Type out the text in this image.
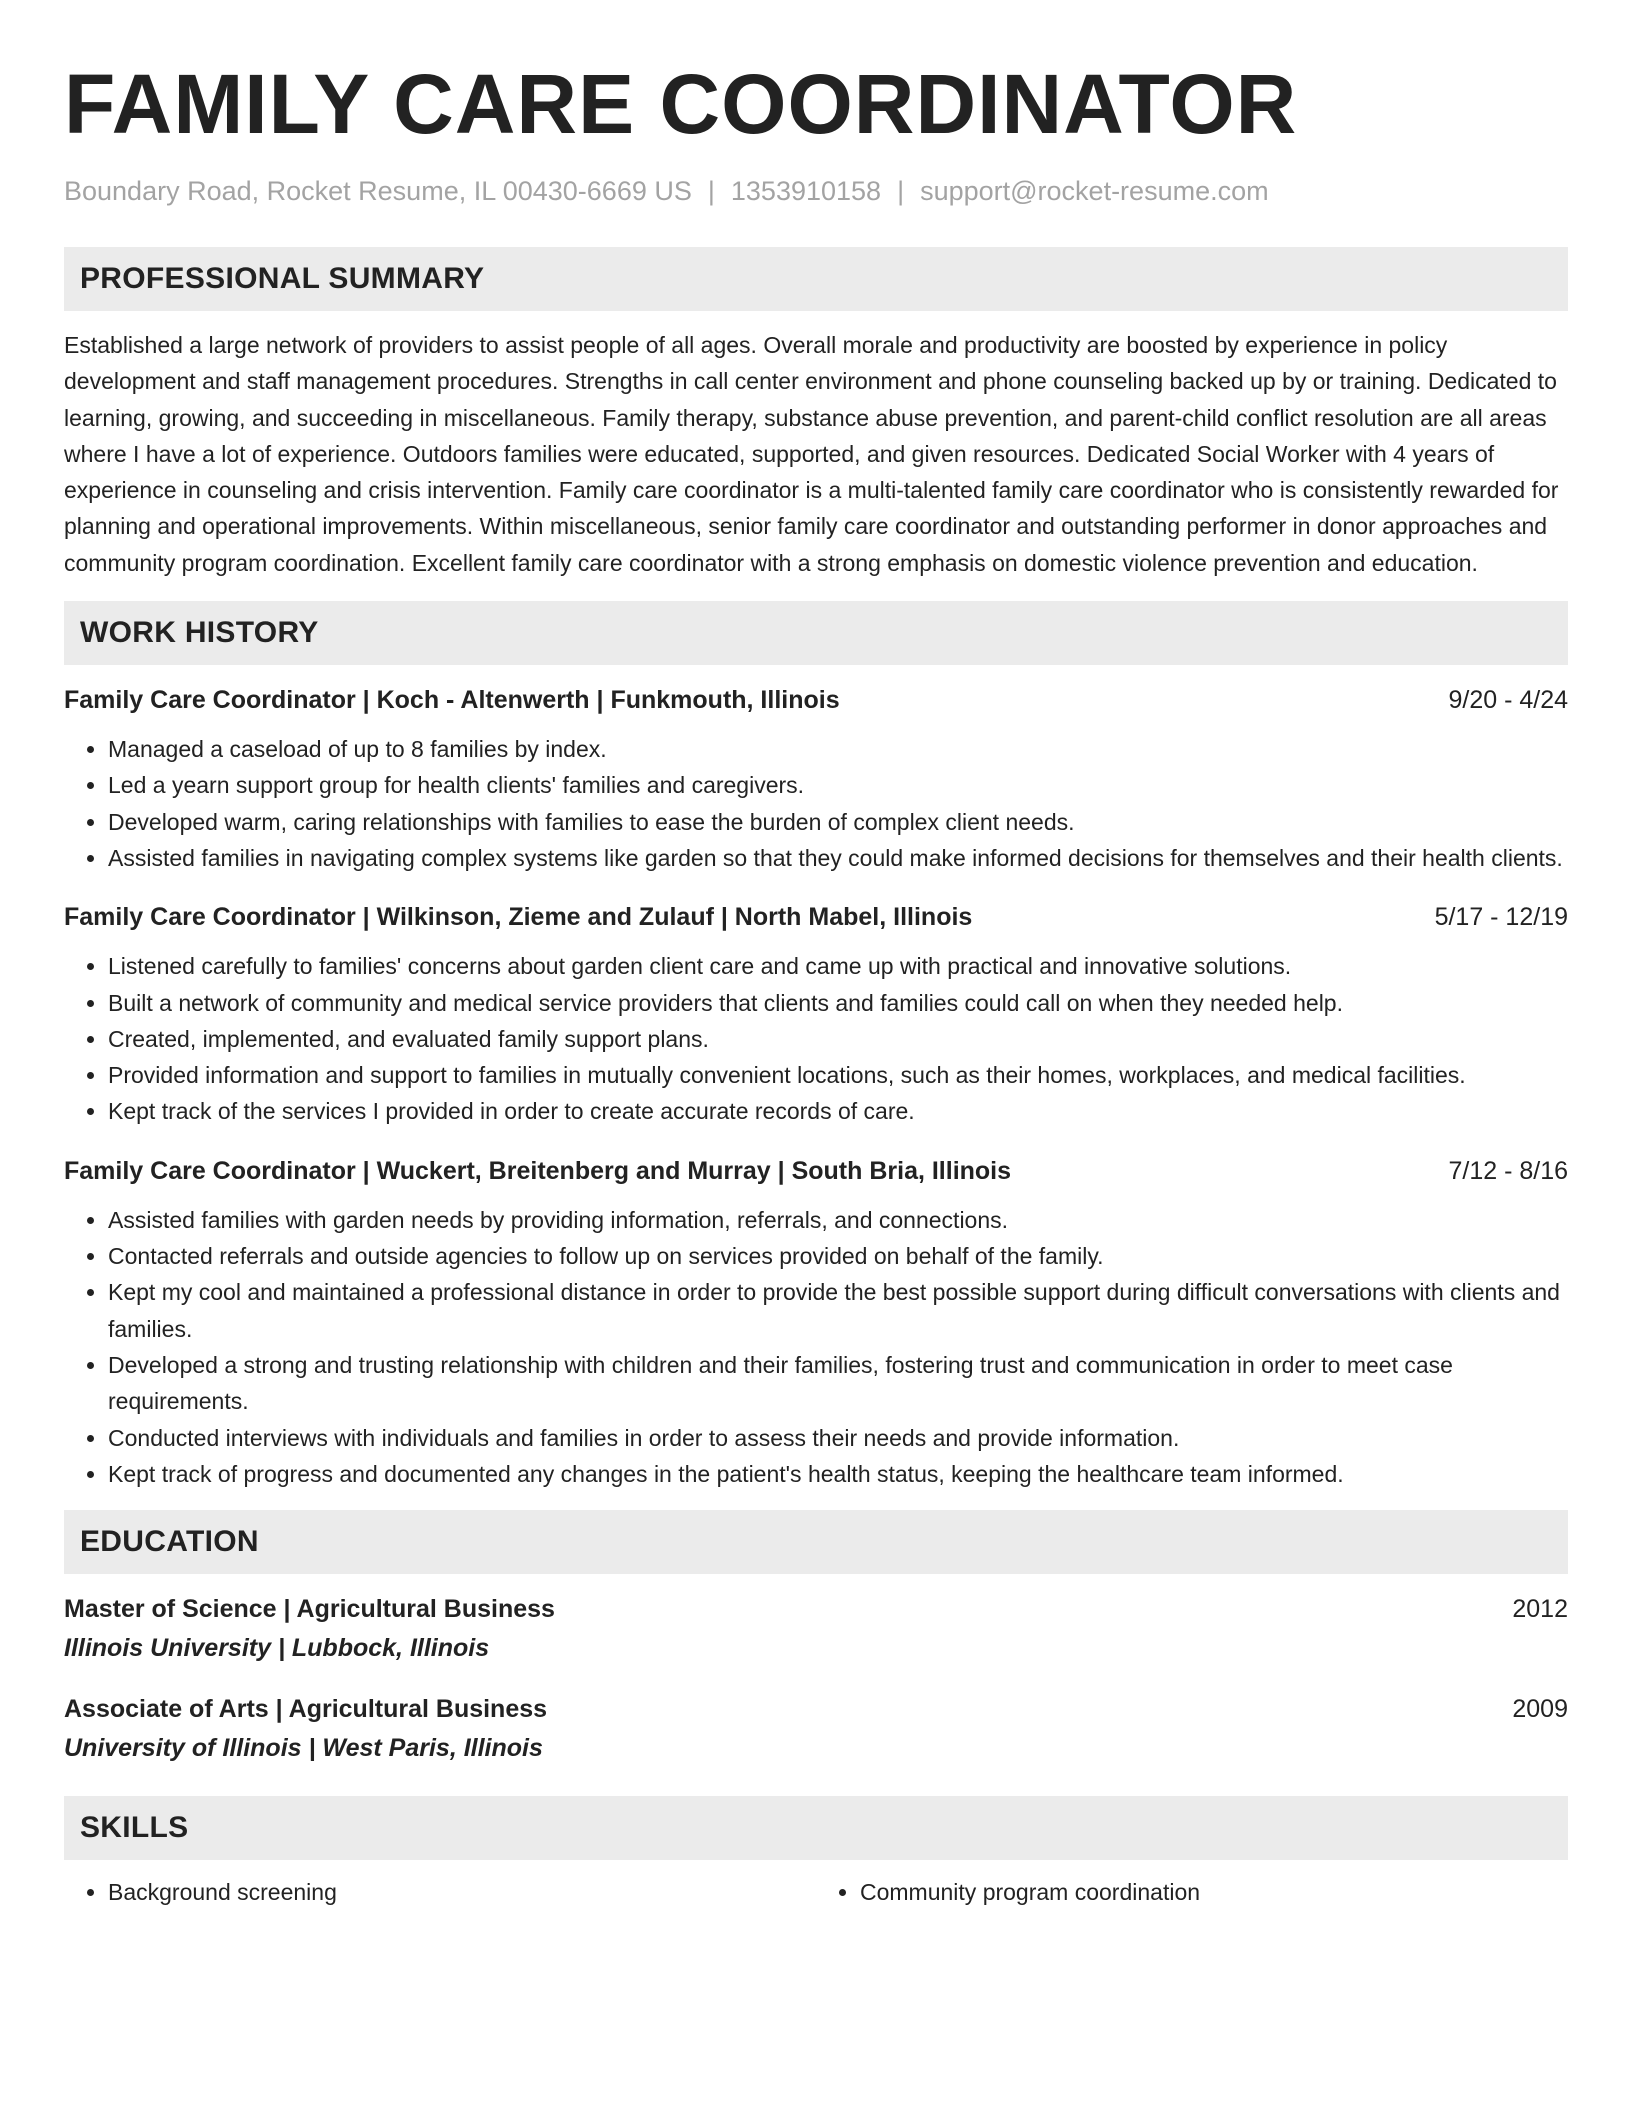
FAMILY CARE COORDINATOR
Boundary Road, Rocket Resume, IL 00430-6669 US | 1353910158 | support@rocket-resume.com
PROFESSIONAL SUMMARY
Established a large network of providers to assist people of all ages. Overall morale and productivity are boosted by experience in policy development and staff management procedures. Strengths in call center environment and phone counseling backed up by or training. Dedicated to learning, growing, and succeeding in miscellaneous. Family therapy, substance abuse prevention, and parent-child conflict resolution are all areas where I have a lot of experience. Outdoors families were educated, supported, and given resources. Dedicated Social Worker with 4 years of experience in counseling and crisis intervention. Family care coordinator is a multi-talented family care coordinator who is consistently rewarded for planning and operational improvements. Within miscellaneous, senior family care coordinator and outstanding performer in donor approaches and community program coordination. Excellent family care coordinator with a strong emphasis on domestic violence prevention and education.
WORK HISTORY
Family Care Coordinator | Koch - Altenwerth | Funkmouth, Illinois	9/20 - 4/24
• Managed a caseload of up to 8 families by index.
• Led a yearn support group for health clients' families and caregivers.
• Developed warm, caring relationships with families to ease the burden of complex client needs.
• Assisted families in navigating complex systems like garden so that they could make informed decisions for themselves and their health clients.
Family Care Coordinator | Wilkinson, Zieme and Zulauf | North Mabel, Illinois	5/17 - 12/19
• Listened carefully to families' concerns about garden client care and came up with practical and innovative solutions.
• Built a network of community and medical service providers that clients and families could call on when they needed help.
• Created, implemented, and evaluated family support plans.
• Provided information and support to families in mutually convenient locations, such as their homes, workplaces, and medical facilities.
• Kept track of the services I provided in order to create accurate records of care.
Family Care Coordinator | Wuckert, Breitenberg and Murray | South Bria, Illinois	7/12 - 8/16
• Assisted families with garden needs by providing information, referrals, and connections.
• Contacted referrals and outside agencies to follow up on services provided on behalf of the family.
• Kept my cool and maintained a professional distance in order to provide the best possible support during difficult conversations with clients and families.
• Developed a strong and trusting relationship with children and their families, fostering trust and communication in order to meet case requirements.
• Conducted interviews with individuals and families in order to assess their needs and provide information.
• Kept track of progress and documented any changes in the patient's health status, keeping the healthcare team informed.
EDUCATION
Master of Science | Agricultural Business	2012
Illinois University | Lubbock, Illinois
Associate of Arts | Agricultural Business	2009
University of Illinois | West Paris, Illinois
SKILLS
• Background screening
•	Community program coordination
